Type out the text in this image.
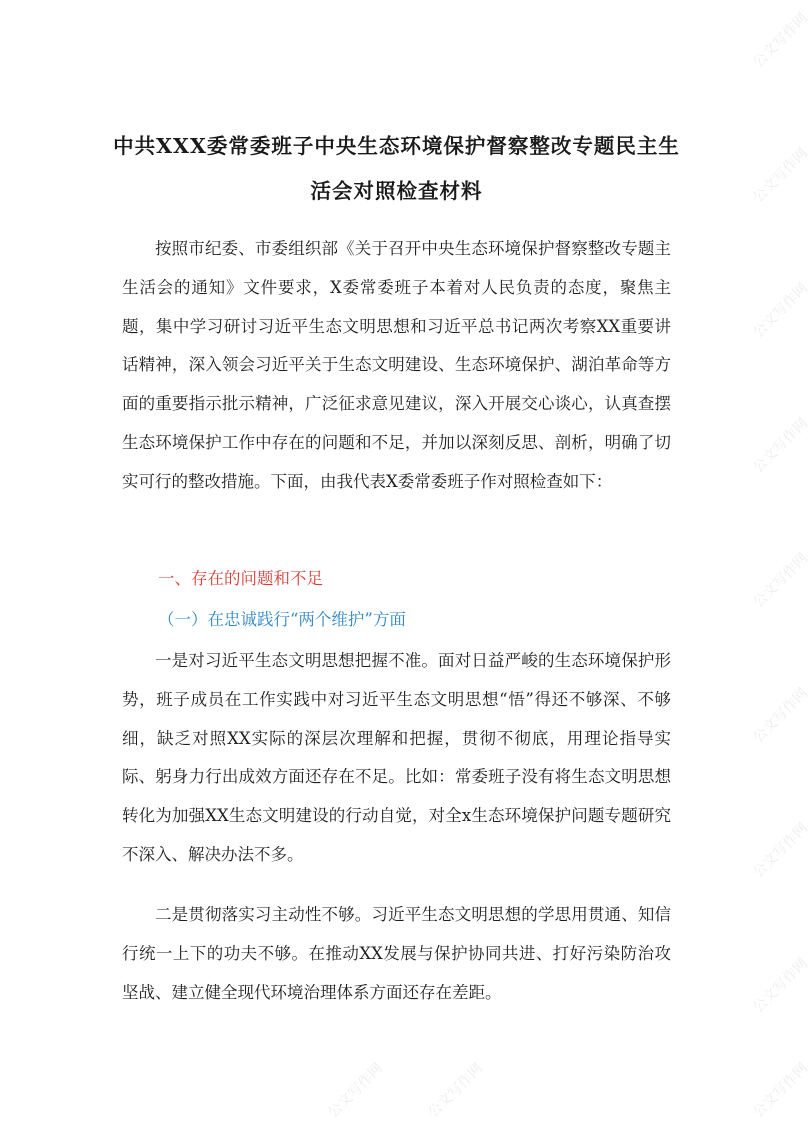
中共XXX委常委班子中央生态环境保护督察整改专题民主生
活会对照检查材料

按照市纪委、市委组织部《关于召开中央生态环境保护督察整改专题主生活会的通知》文件要求，X委常委班子本着对人民负责的态度，聚焦主题，集中学习研讨习近平生态文明思想和习近平总书记两次考察XX重要讲话精神，深入领会习近平关于生态文明建设、生态环境保护、湖泊革命等方面的重要指示批示精神，广泛征求意见建议，深入开展交心谈心，认真查摆生态环境保护工作中存在的问题和不足，并加以深刻反思、剖析，明确了切实可行的整改措施。下面，由我代表X委常委班子作对照检查如下：

一、存在的问题和不足

（一）在忠诚践行“两个维护”方面

一是对习近平生态文明思想把握不准。面对日益严峻的生态环境保护形势，班子成员在工作实践中对习近平生态文明思想“悟”得还不够深、不够细，缺乏对照XX实际的深层次理解和把握，贯彻不彻底，用理论指导实际、躬身力行出成效方面还存在不足。比如：常委班子没有将生态文明思想转化为加强XX生态文明建设的行动自觉，对全x生态环境保护问题专题研究不深入、解决办法不多。

二是贯彻落实习主动性不够。习近平生态文明思想的学思用贯通、知信行统一上下的功夫不够。在推动XX发展与保护协同共进、打好污染防治攻坚战、建立健全现代环境治理体系方面还存在差距。

公文写作网
公文写作网
公文写作网
公文写作网
公文写作网
公文写作网
公文写作网
公文写作网
公文写作网
公文写作网	公文写作网
